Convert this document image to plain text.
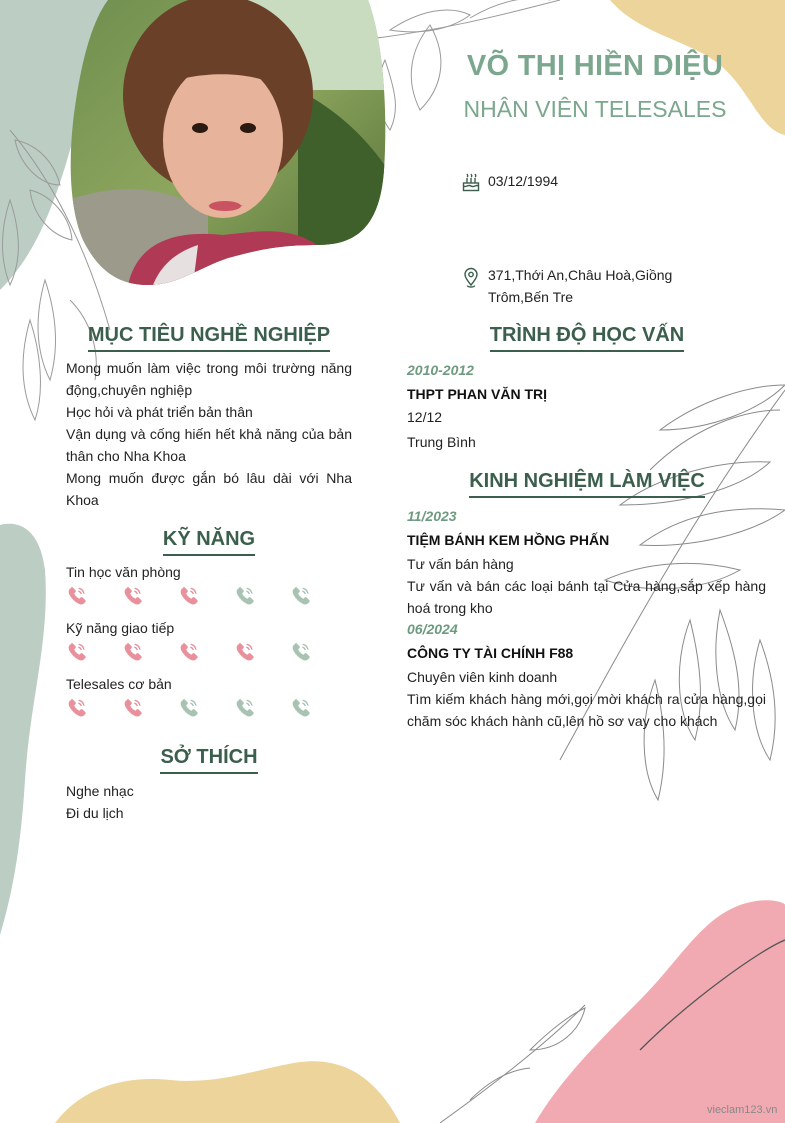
VÕ THỊ HIỀN DIỆU
NHÂN VIÊN TELESALES
03/12/1994
371,Thới An,Châu Hoà,Giồng Trôm,Bến Tre
MỤC TIÊU NGHỀ NGHIỆP
Mong muốn làm việc trong môi trường năng động,chuyên nghiệp
Học hỏi và phát triển bản thân
Vận dụng và cống hiến hết khả năng của bản thân cho Nha Khoa
Mong muốn được gắn bó lâu dài với Nha Khoa
KỸ NĂNG
Tin học văn phòng
Kỹ năng giao tiếp
Telesales cơ bản
SỞ THÍCH
Nghe nhạc
Đi du lịch
TRÌNH ĐỘ HỌC VẤN
2010-2012
THPT PHAN VĂN TRỊ
12/12
Trung Bình
KINH NGHIỆM LÀM VIỆC
11/2023
TIỆM BÁNH KEM HỒNG PHẤN
Tư vấn bán hàng
Tư vấn và bán các loại bánh tại Cửa hàng,sắp xếp hàng hoá trong kho
06/2024
CÔNG TY TÀI CHÍNH F88
Chuyên viên kinh doanh
Tìm kiếm khách hàng mới,gọi mời khách ra cửa hàng,gọi chăm sóc khách hành cũ,lên hồ sơ vay cho khách
vieclam123.vn
